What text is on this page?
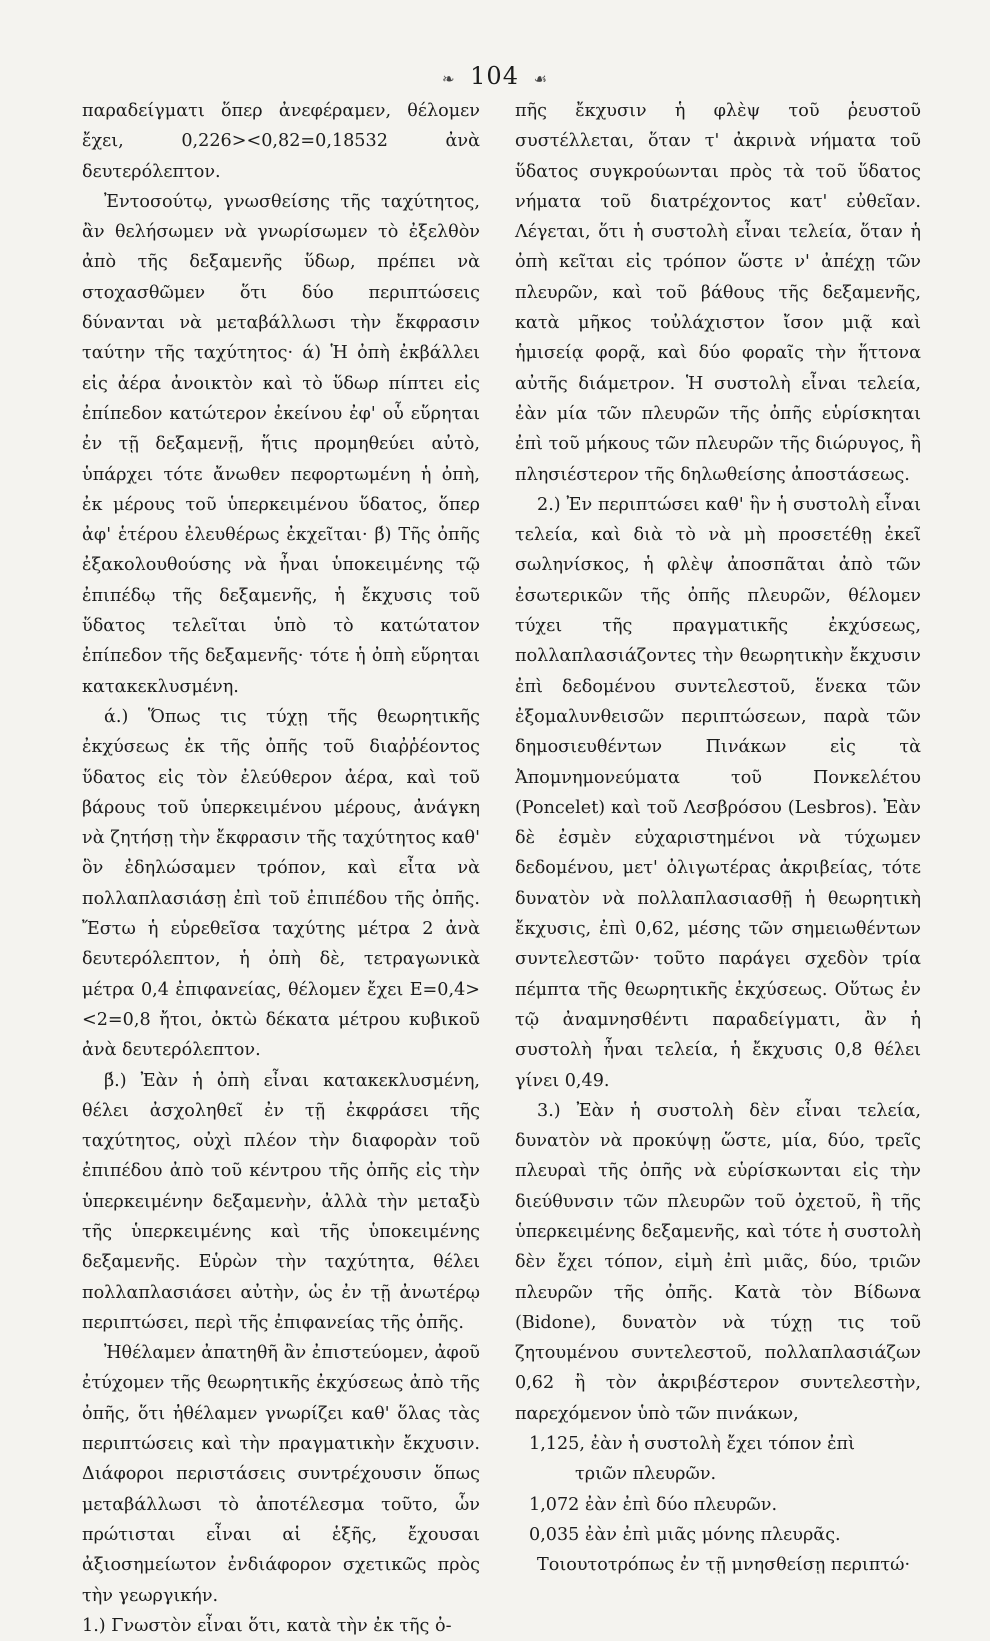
❧ 104 ☙

παραδείγματι ὅπερ ἀνεφέραμεν, θέλομεν ἔχει, 0,226><0,82=0,18532 ἀνὰ δευτερόλεπτον.

Ἐντοσούτῳ, γνωσθείσης τῆς ταχύτητος, ἂν θελήσωμεν νὰ γνωρίσωμεν τὸ ἐξελθὸν ἀπὸ τῆς δεξαμενῆς ὕδωρ, πρέπει νὰ στοχασθῶμεν ὅτι δύο περιπτώσεις δύνανται νὰ μεταβάλλωσι τὴν ἔκφρασιν ταύτην τῆς ταχύτητος· ά) Ἡ ὀπὴ ἐκβάλλει εἰς ἀέρα ἀνοικτὸν καὶ τὸ ὕδωρ πίπτει εἰς ἐπίπεδον κατώτερον ἐκείνου ἐφ' οὗ εὕρηται ἐν τῇ δεξαμενῇ, ἥτις προμηθεύει αὐτὸ, ὑπάρχει τότε ἄνωθεν πεφορτωμένη ἡ ὀπὴ, ἐκ μέρους τοῦ ὑπερκειμένου ὕδατος, ὅπερ ἀφ' ἑτέρου ἐλευθέρως ἐκχεῖται· β́) Τῆς ὀπῆς ἐξακολουθούσης νὰ ἦναι ὑποκειμένης τῷ ἐπιπέδῳ τῆς δεξαμενῆς, ἡ ἔκχυσις τοῦ ὕδατος τελεῖται ὑπὸ τὸ κατώτατον ἐπίπεδον τῆς δεξαμενῆς· τότε ἡ ὀπὴ εὕρηται κατακεκλυσμένη.

ά.) Ὅπως τις τύχῃ τῆς θεωρητικῆς ἐκχύσεως ἐκ τῆς ὀπῆς τοῦ διαῤῥέοντος ὕδατος εἰς τὸν ἐλεύθερον ἀέρα, καὶ τοῦ βάρους τοῦ ὑπερκειμένου μέρους, ἀνάγκη νὰ ζητήσῃ τὴν ἔκφρασιν τῆς ταχύτητος καθ' ὃν ἐδηλώσαμεν τρόπον, καὶ εἶτα νὰ πολλαπλασιάσῃ ἐπὶ τοῦ ἐπιπέδου τῆς ὀπῆς. Ἔστω ἡ εὑρεθεῖσα ταχύτης μέτρα 2 ἀνὰ δευτερόλεπτον, ἡ ὀπὴ δὲ, τετραγωνικὰ μέτρα 0,4 ἐπιφανείας, θέλομεν ἔχει E=0,4><2=0,8 ἤτοι, ὀκτὼ δέκατα μέτρου κυβικοῦ ἀνὰ δευτερόλεπτον.

β́.) Ἐὰν ἡ ὀπὴ εἶναι κατακεκλυσμένη, θέλει ἀσχοληθεῖ ἐν τῇ ἐκφράσει τῆς ταχύτητος, οὐχὶ πλέον τὴν διαφορὰν τοῦ ἐπιπέδου ἀπὸ τοῦ κέντρου τῆς ὀπῆς εἰς τὴν ὑπερκειμένην δεξαμενὴν, ἀλλὰ τὴν μεταξὺ τῆς ὑπερκειμένης καὶ τῆς ὑποκειμένης δεξαμενῆς. Εὑρὼν τὴν ταχύτητα, θέλει πολλαπλασιάσει αὐτὴν, ὡς ἐν τῇ ἀνωτέρῳ περιπτώσει, περὶ τῆς ἐπιφανείας τῆς ὀπῆς.

Ἠθέλαμεν ἀπατηθῆ ἂν ἐπιστεύομεν, ἀφοῦ ἐτύχομεν τῆς θεωρητικῆς ἐκχύσεως ἀπὸ τῆς ὀπῆς, ὅτι ἠθέλαμεν γνωρίζει καθ' ὅλας τὰς περιπτώσεις καὶ τὴν πραγματικὴν ἔκχυσιν. Διάφοροι περιστάσεις συντρέχουσιν ὅπως μεταβάλλωσι τὸ ἀποτέλεσμα τοῦτο, ὧν πρώτισται εἶναι αἱ ἑξῆς, ἔχουσαι ἀξιοσημείωτον ἐνδιάφορον σχετικῶς πρὸς τὴν γεωργικήν.

1.) Γνωστὸν εἶναι ὅτι, κατὰ τὴν ἐκ τῆς ὀ-

πῆς ἔκχυσιν ἡ φλὲψ τοῦ ῥευστοῦ συστέλλεται, ὅταν τ' ἀκρινὰ νήματα τοῦ ὕδατος συγκρούωνται πρὸς τὰ τοῦ ὕδατος νήματα τοῦ διατρέχοντος κατ' εὐθεῖαν. Λέγεται, ὅτι ἡ συστολὴ εἶναι τελεία, ὅταν ἡ ὀπὴ κεῖται εἰς τρόπον ὥστε ν' ἀπέχῃ τῶν πλευρῶν, καὶ τοῦ βάθους τῆς δεξαμενῆς, κατὰ μῆκος τοὐλάχιστον ἴσον μιᾷ καὶ ἡμισείᾳ φορᾷ, καὶ δύο φοραῖς τὴν ἥττονα αὐτῆς διάμετρον. Ἡ συστολὴ εἶναι τελεία, ἐὰν μία τῶν πλευρῶν τῆς ὀπῆς εὑρίσκηται ἐπὶ τοῦ μήκους τῶν πλευρῶν τῆς διώρυγος, ἢ πλησιέστερον τῆς δηλωθείσης ἀποστάσεως.

2.) Ἐν περιπτώσει καθ' ἣν ἡ συστολὴ εἶναι τελεία, καὶ διὰ τὸ νὰ μὴ προσετέθῃ ἐκεῖ σωληνίσκος, ἡ φλὲψ ἀποσπᾶται ἀπὸ τῶν ἐσωτερικῶν τῆς ὀπῆς πλευρῶν, θέλομεν τύχει τῆς πραγματικῆς ἐκχύσεως, πολλαπλασιάζοντες τὴν θεωρητικὴν ἔκχυσιν ἐπὶ δεδομένου συντελεστοῦ, ἕνεκα τῶν ἐξομαλυνθεισῶν περιπτώσεων, παρὰ τῶν δημοσιευθέντων Πινάκων εἰς τὰ Ἀπομνημονεύματα τοῦ Πονκελέτου (Poncelet) καὶ τοῦ Λεσβρόσου (Lesbros). Ἐὰν δὲ ἐσμὲν εὐχαριστημένοι νὰ τύχωμεν δεδομένου, μετ' ὀλιγωτέρας ἀκριβείας, τότε δυνατὸν νὰ πολλαπλασιασθῇ ἡ θεωρητικὴ ἔκχυσις, ἐπὶ 0,62, μέσης τῶν σημειωθέντων συντελεστῶν· τοῦτο παράγει σχεδὸν τρία πέμπτα τῆς θεωρητικῆς ἐκχύσεως. Οὕτως ἐν τῷ ἀναμνησθέντι παραδείγματι, ἂν ἡ συστολὴ ἦναι τελεία, ἡ ἔκχυσις 0,8 θέλει γίνει 0,49.

3.) Ἐὰν ἡ συστολὴ δὲν εἶναι τελεία, δυνατὸν νὰ προκύψῃ ὥστε, μία, δύο, τρεῖς πλευραὶ τῆς ὀπῆς νὰ εὑρίσκωνται εἰς τὴν διεύθυνσιν τῶν πλευρῶν τοῦ ὀχετοῦ, ἢ τῆς ὑπερκειμένης δεξαμενῆς, καὶ τότε ἡ συστολὴ δὲν ἔχει τόπον, εἰμὴ ἐπὶ μιᾶς, δύο, τριῶν πλευρῶν τῆς ὀπῆς. Κατὰ τὸν Βίδωνα (Bidone), δυνατὸν νὰ τύχῃ τις τοῦ ζητουμένου συντελεστοῦ, πολλαπλασιάζων 0,62 ἢ τὸν ἀκριβέστερον συντελεστὴν, παρεχόμενον ὑπὸ τῶν πινάκων,

1,125, ἐὰν ἡ συστολὴ ἔχει τόπον ἐπὶ
τριῶν πλευρῶν.
1,072 ἐὰν ἐπὶ δύο πλευρῶν.
0,035 ἐὰν ἐπὶ μιᾶς μόνης πλευρᾶς.

Τοιουτοτρόπως ἐν τῇ μνησθείσῃ περιπτώ·
